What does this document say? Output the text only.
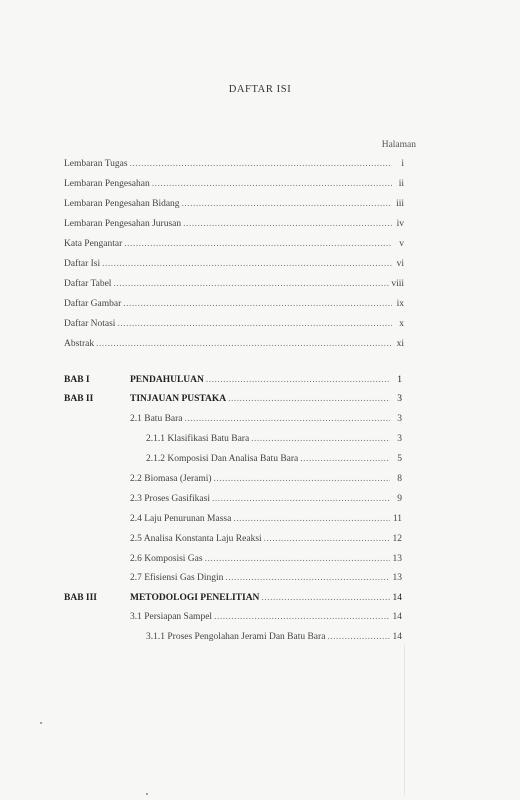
DAFTAR ISI
Halaman
Lembaran Tugas .....	i
Lembaran Pengesahan .....	ii
Lembaran Pengesahan Bidang .....	iii
Lembaran Pengesahan Jurusan .....	iv
Kata Pengantar .....	v
Daftar Isi .....	vi
Daftar Tabel .....	viii
Daftar Gambar .....	ix
Daftar Notasi .....	x
Abstrak .....	xi
BAB I	PENDAHULUAN .....	1
BAB II	TINJAUAN PUSTAKA .....	3
2.1 Batu Bara .....	3
2.1.1 Klasifikasi Batu Bara .....	3
2.1.2 Komposisi Dan Analisa Batu Bara .....	5
2.2 Biomasa (Jerami) .....	8
2.3 Proses Gasifikasi .....	9
2.4 Laju Penurunan Massa .....	11
2.5 Analisa Konstanta Laju Reaksi .....	12
2.6 Komposisi Gas .....	13
2.7 Efisiensi Gas Dingin .....	13
BAB III	METODOLOGI PENELITIAN .....	14
3.1 Persiapan Sampel .....	14
3.1.1 Proses Pengolahan Jerami Dan Batu Bara .....	14
